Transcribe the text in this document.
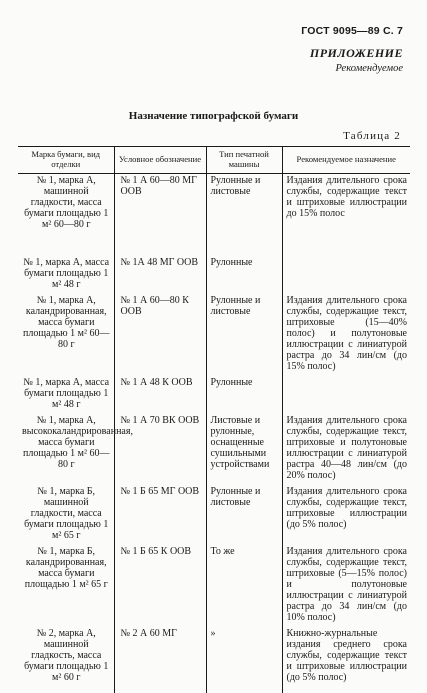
ГОСТ 9095—89 С. 7
ПРИЛОЖЕНИЕ
Рекомендуемое
Назначение типографской бумаги
Таблица 2
Марка бумаги, вид отделки	Условное обозначение	Тип печатной машины	Рекомендуемое назначение
№ 1, марка А, машинной гладкости, масса бумаги площадью 1 м² 60—80 г	№ 1 А 60—80 МГ ООВ	Рулонные и листовые	Издания длительного срока службы, содержащие текст и штриховые иллюстрации до 15% полос
№ 1, марка А, масса бумаги площадью 1 м² 48 г	№ 1А 48 МГ ООВ	Рулонные	
№ 1, марка А, каландрированная, масса бумаги площадью 1 м² 60—80 г	№ 1 А 60—80 К ООВ	Рулонные и листовые	Издания длительного срока службы, содержащие текст, штриховые (15—40% полос) и полутоновые иллюстрации с линиатурой растра до 34 лин/см (до 15% полос)
№ 1, марка А, масса бумаги площадью 1 м² 48 г	№ 1 А 48 К ООВ	Рулонные	
№ 1, марка А, высококаландрированная, масса бумаги площадью 1 м² 60—80 г	№ 1 А 70 ВК ООВ	Листовые и рулонные, оснащенные сушильными устройствами	Издания длительного срока службы, содержащие текст, штриховые и полутоновые иллюстрации с линиатурой растра 40—48 лин/см (до 20% полос)
№ 1, марка Б, машинной гладкости, масса бумаги площадью 1 м² 65 г	№ 1 Б 65 МГ ООВ	Рулонные и листовые	Издания длительного срока службы, содержащие текст, штриховые иллюстрации (до 5% полос)
№ 1, марка Б, каландрированная, масса бумаги площадью 1 м² 65 г	№ 1 Б 65 К ООВ	То же	Издания длительного срока службы, содержащие текст, штриховые (5—15% полос) и полутоновые иллюстрации с линиатурой растра до 34 лин/см (до 10% полос)
№ 2, марка А, машинной гладкость, масса бумаги площадью 1 м² 60 г	№ 2 А 60 МГ	»	Книжно-журнальные издания среднего срока службы, содержащие текст и штриховые иллюстрации (до 5% полос)
